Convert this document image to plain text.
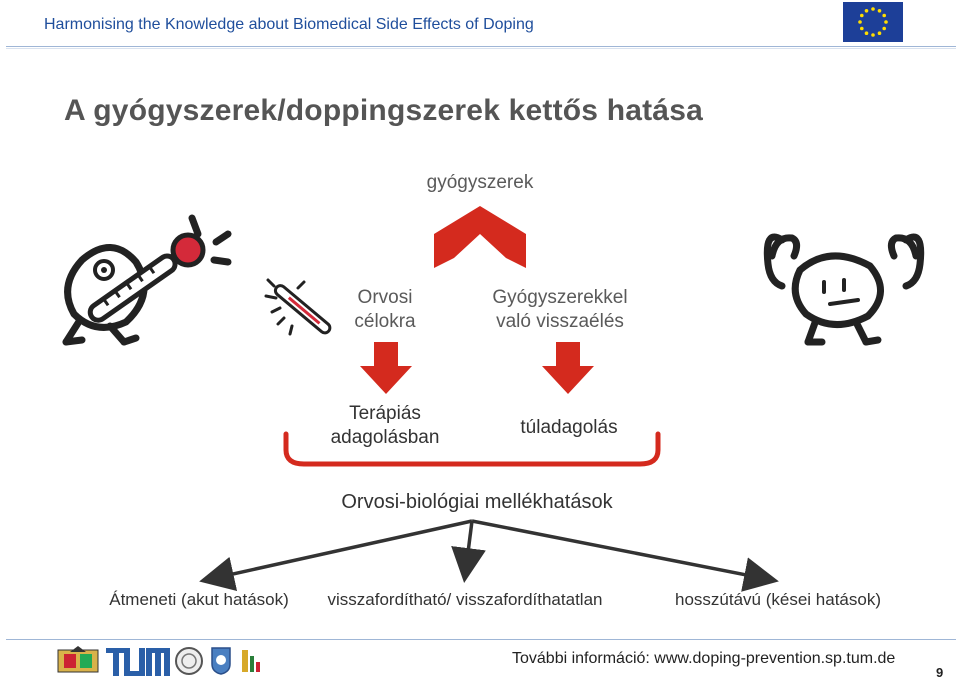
Harmonising the Knowledge about Biomedical Side Effects of Doping
A gyógyszerek/doppingszerek kettős hatása
gyógyszerek
Orvosi
célokra
Gyógyszerekkel
való visszaélés
Terápiás
adagolásban	túladagolás
Orvosi-biológiai mellékhatások
Átmeneti (akut hatások)	visszafordítható/ visszafordíthatatlan	hosszútávú (kései hatások)
További információ: www.doping-prevention.sp.tum.de
9
